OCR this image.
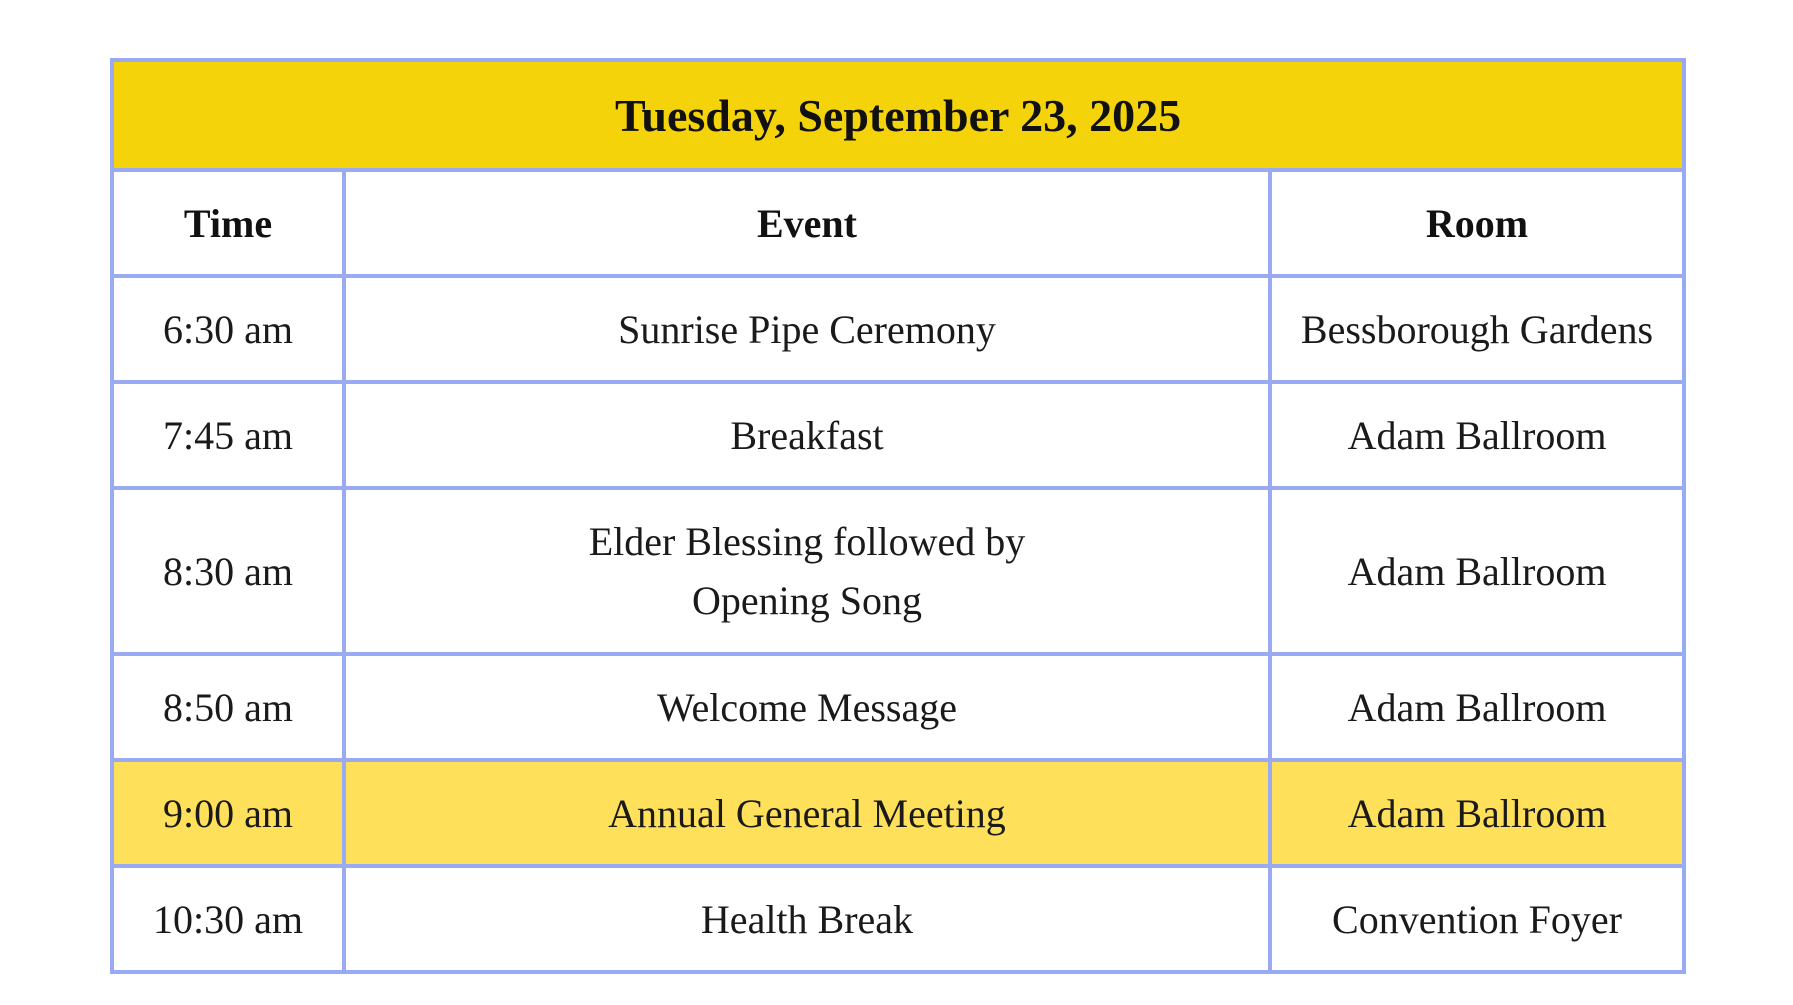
Tuesday, September 23, 2025		
Time	Event	Room
6:30 am	Sunrise Pipe Ceremony	Bessborough Gardens
7:45 am	Breakfast	Adam Ballroom
8:30 am	Elder Blessing followed by Opening Song	Adam Ballroom
8:50 am	Welcome Message	Adam Ballroom
9:00 am	Annual General Meeting	Adam Ballroom
10:30 am	Health Break	Convention Foyer
